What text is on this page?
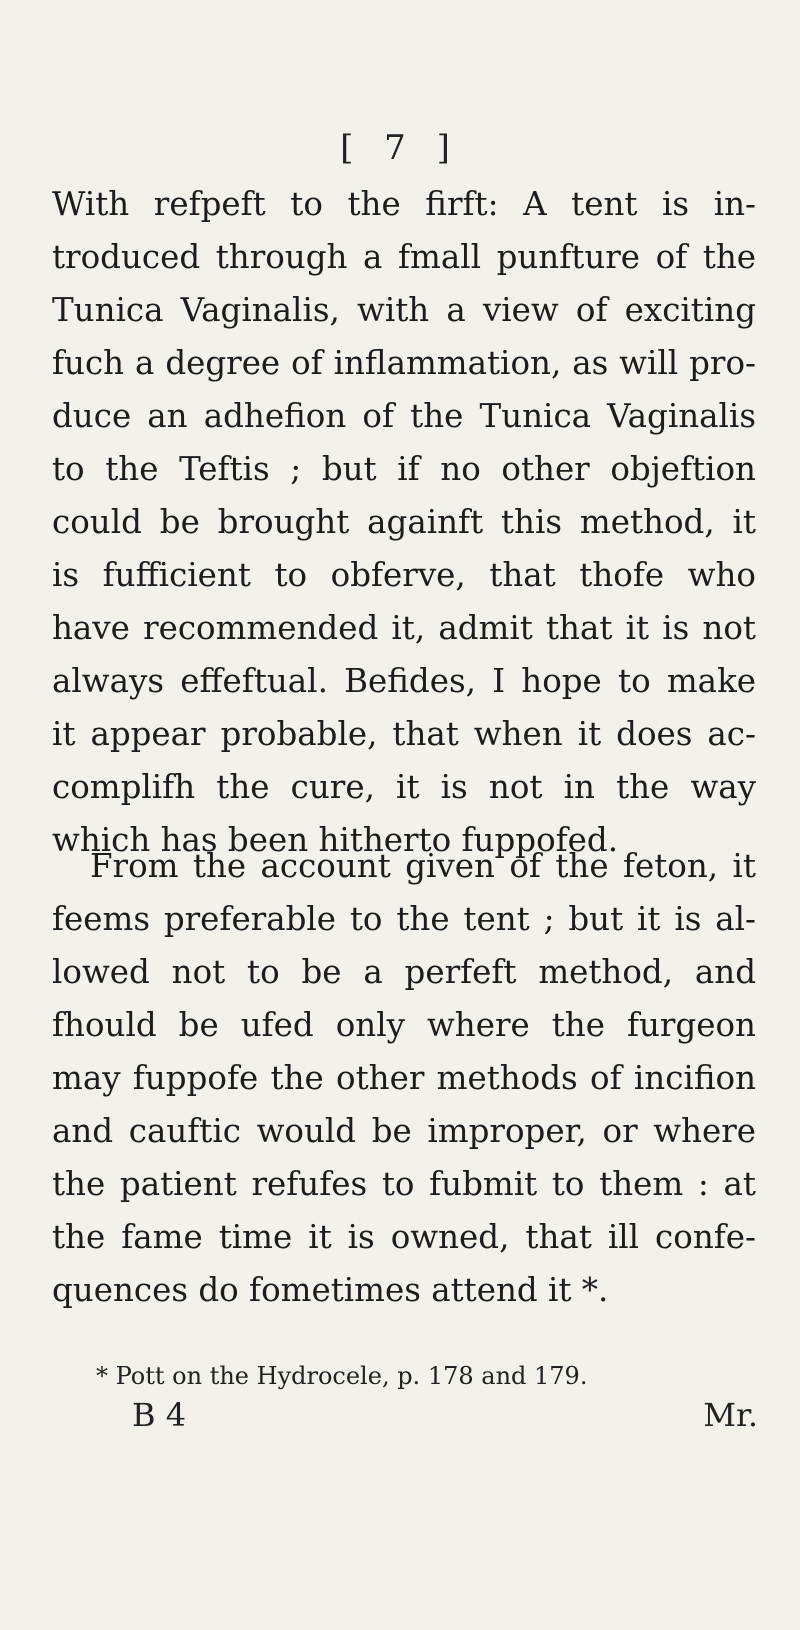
[ 7 ]
With refpeft to the firft: A tent is in-
troduced through a fmall punfture of the
Tunica Vaginalis, with a view of exciting
fuch a degree of inflammation, as will pro-
duce an adhefion of the Tunica Vaginalis
to the Teftis ; but if no other objeftion
could be brought againft this method, it
is fufficient to obferve, that thofe who
have recommended it, admit that it is not
always effeftual. Befides, I hope to make
it appear probable, that when it does ac-
complifh the cure, it is not in the way
which has been hitherto fuppofed.
From the account given of the feton, it
feems preferable to the tent ; but it is al-
lowed not to be a perfeft method, and
fhould be ufed only where the furgeon
may fuppofe the other methods of incifion
and cauftic would be improper, or where
the patient refufes to fubmit to them : at
the fame time it is owned, that ill confe-
quences do fometimes attend it *.
* Pott on the Hydrocele, p. 178 and 179.
B 4	Mr.
